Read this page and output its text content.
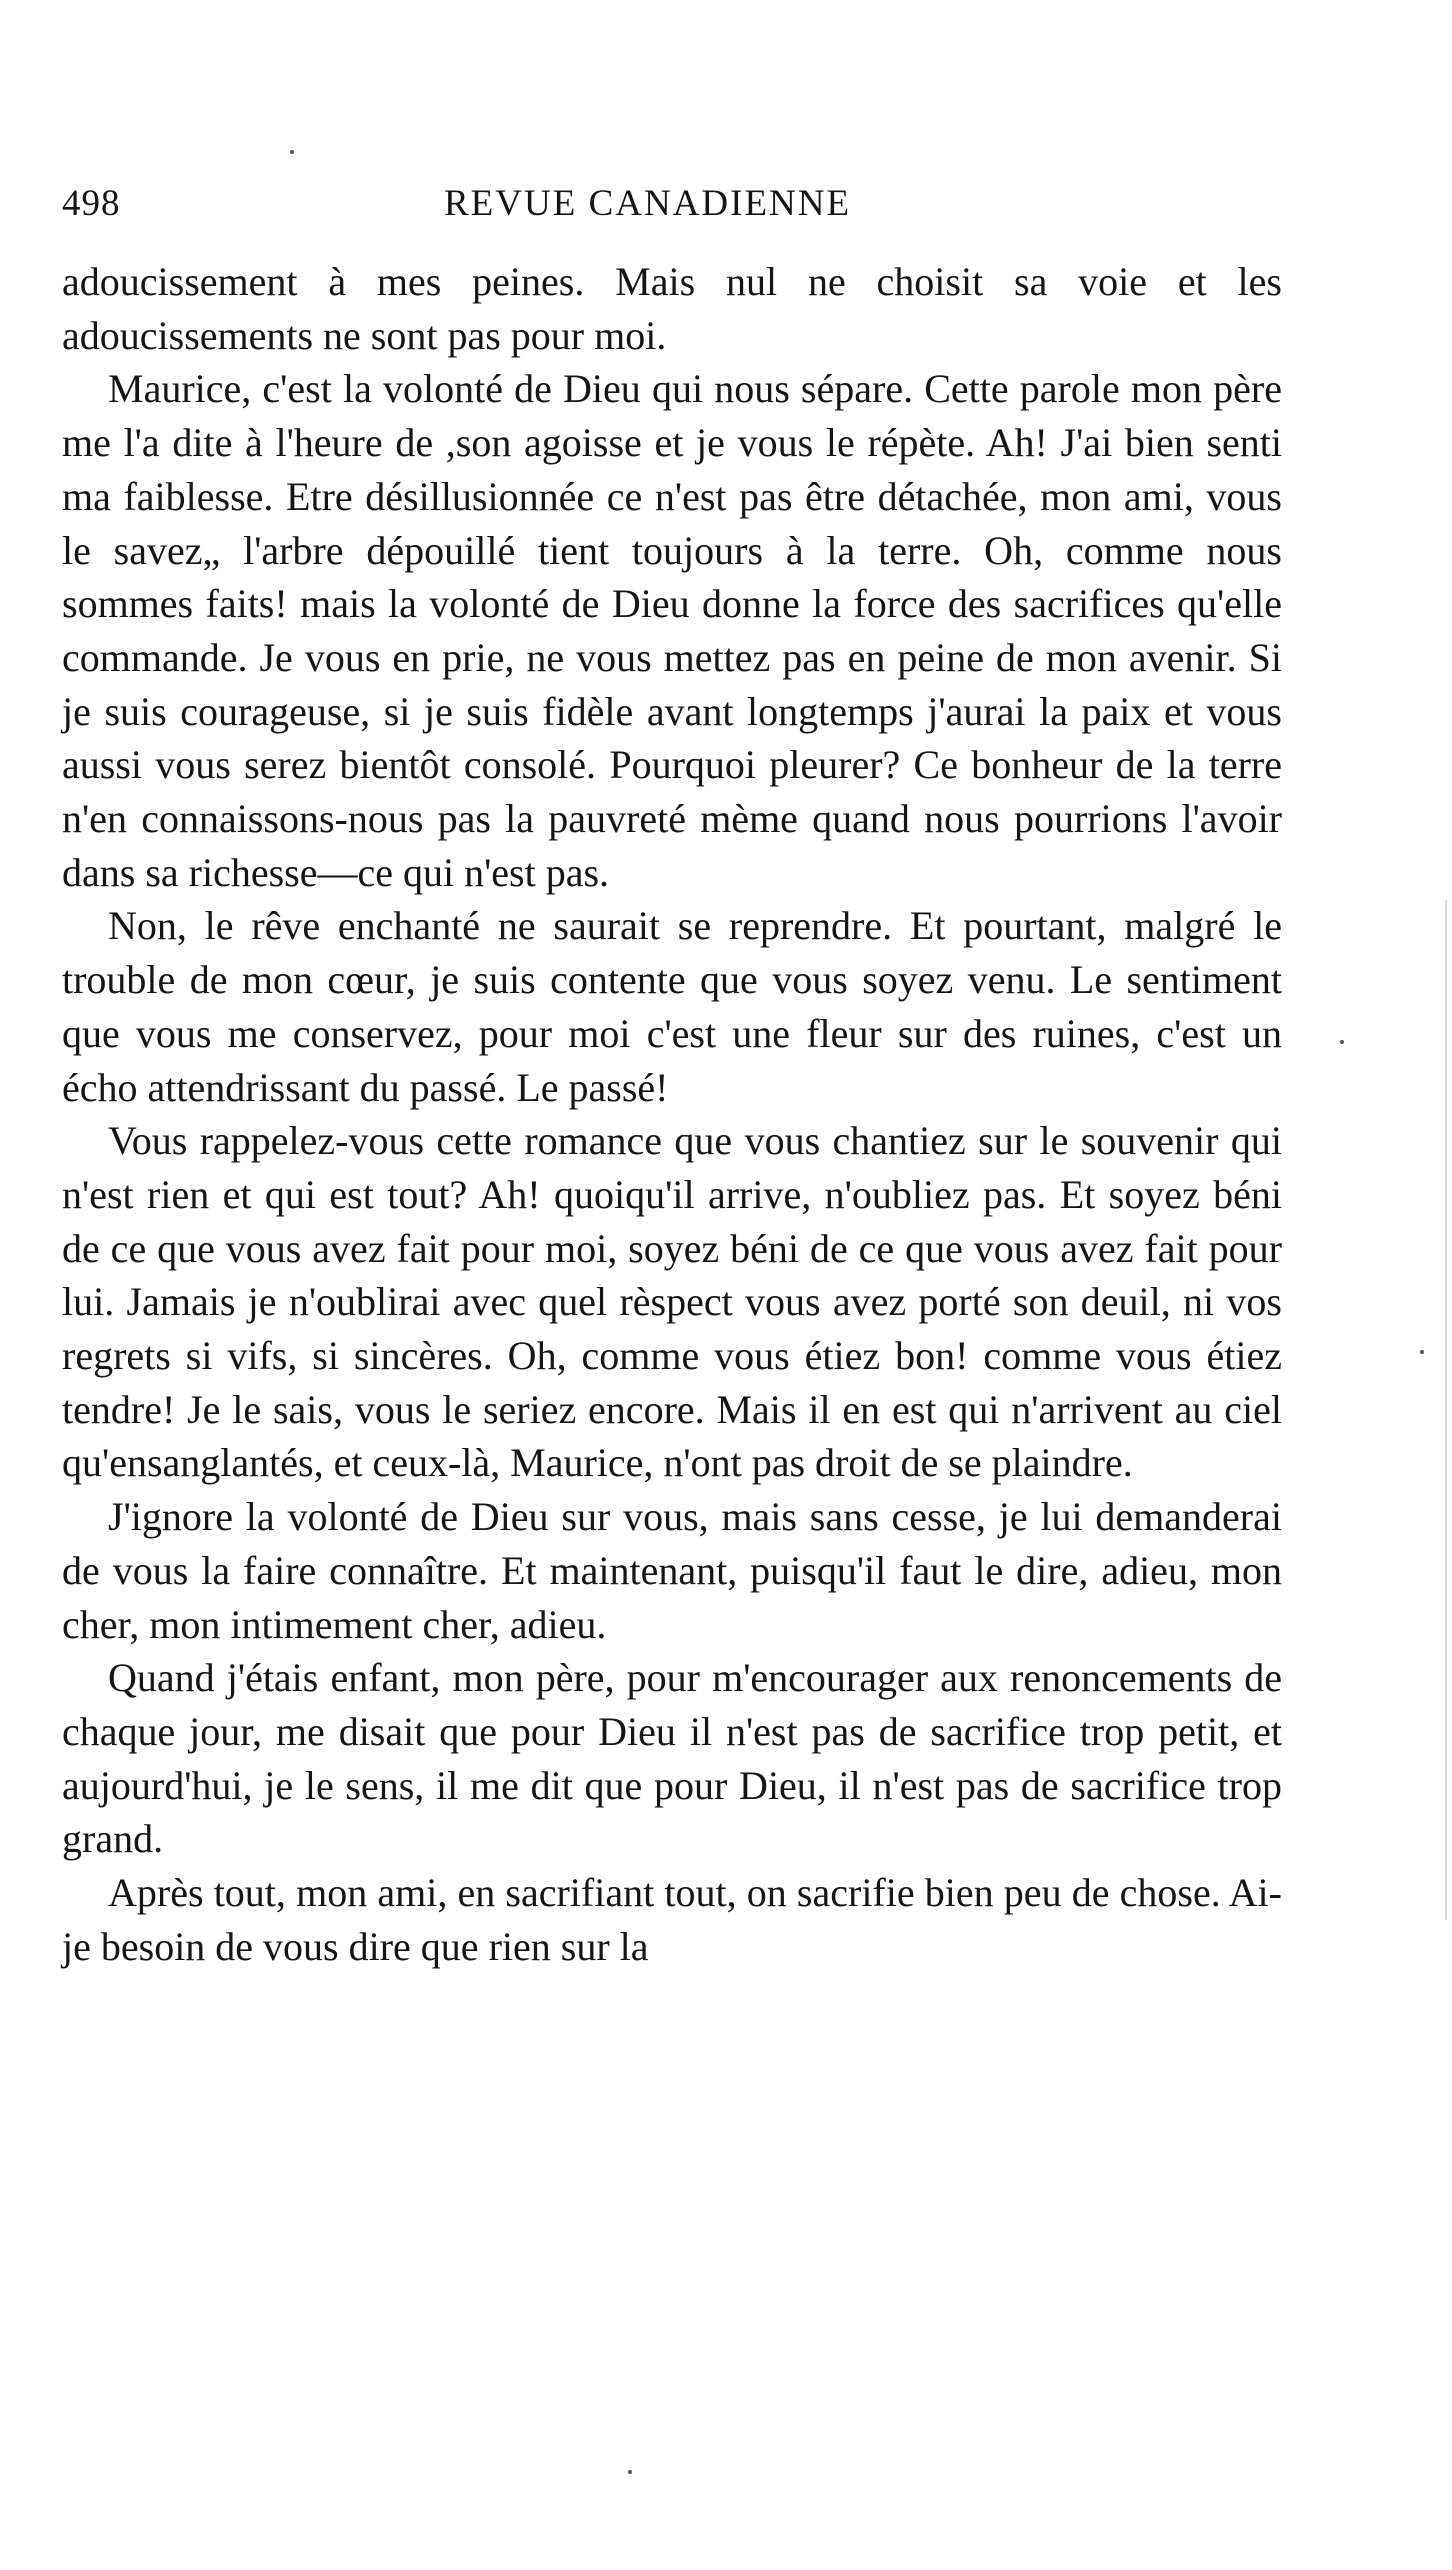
498	REVUE CANADIENNE

adoucissement à mes peines. Mais nul ne choisit sa voie et les adoucissements ne sont pas pour moi.

Maurice, c'est la volonté de Dieu qui nous sépare. Cette parole mon père me l'a dite à l'heure de ,son agoisse et je vous le répète. Ah! J'ai bien senti ma faiblesse. Etre désillusionnée ce n'est pas être détachée, mon ami, vous le savez„ l'arbre dépouillé tient toujours à la terre. Oh, comme nous sommes faits! mais la volonté de Dieu donne la force des sacrifices qu'elle commande. Je vous en prie, ne vous mettez pas en peine de mon avenir. Si je suis courageuse, si je suis fidèle avant longtemps j'aurai la paix et vous aussi vous serez bientôt consolé. Pourquoi pleurer? Ce bonheur de la terre n'en connaissons-nous pas la pauvreté mème quand nous pourrions l'avoir dans sa richesse—ce qui n'est pas.

Non, le rêve enchanté ne saurait se reprendre. Et pourtant, malgré le trouble de mon cœur, je suis contente que vous soyez venu. Le sentiment que vous me conservez, pour moi c'est une fleur sur des ruines, c'est un écho attendrissant du passé. Le passé!

Vous rappelez-vous cette romance que vous chantiez sur le souvenir qui n'est rien et qui est tout? Ah! quoiqu'il arrive, n'oubliez pas. Et soyez béni de ce que vous avez fait pour moi, soyez béni de ce que vous avez fait pour lui. Jamais je n'oublirai avec quel rèspect vous avez porté son deuil, ni vos regrets si vifs, si sincères. Oh, comme vous étiez bon! comme vous étiez tendre! Je le sais, vous le seriez encore. Mais il en est qui n'arrivent au ciel qu'ensanglantés, et ceux-là, Maurice, n'ont pas droit de se plaindre.

J'ignore la volonté de Dieu sur vous, mais sans cesse, je lui demanderai de vous la faire connaître. Et maintenant, puisqu'il faut le dire, adieu, mon cher, mon intimement cher, adieu.

Quand j'étais enfant, mon père, pour m'encourager aux renoncements de chaque jour, me disait que pour Dieu il n'est pas de sacrifice trop petit, et aujourd'hui, je le sens, il me dit que pour Dieu, il n'est pas de sacrifice trop grand.

Après tout, mon ami, en sacrifiant tout, on sacrifie bien peu de chose. Ai-je besoin de vous dire que rien sur la
